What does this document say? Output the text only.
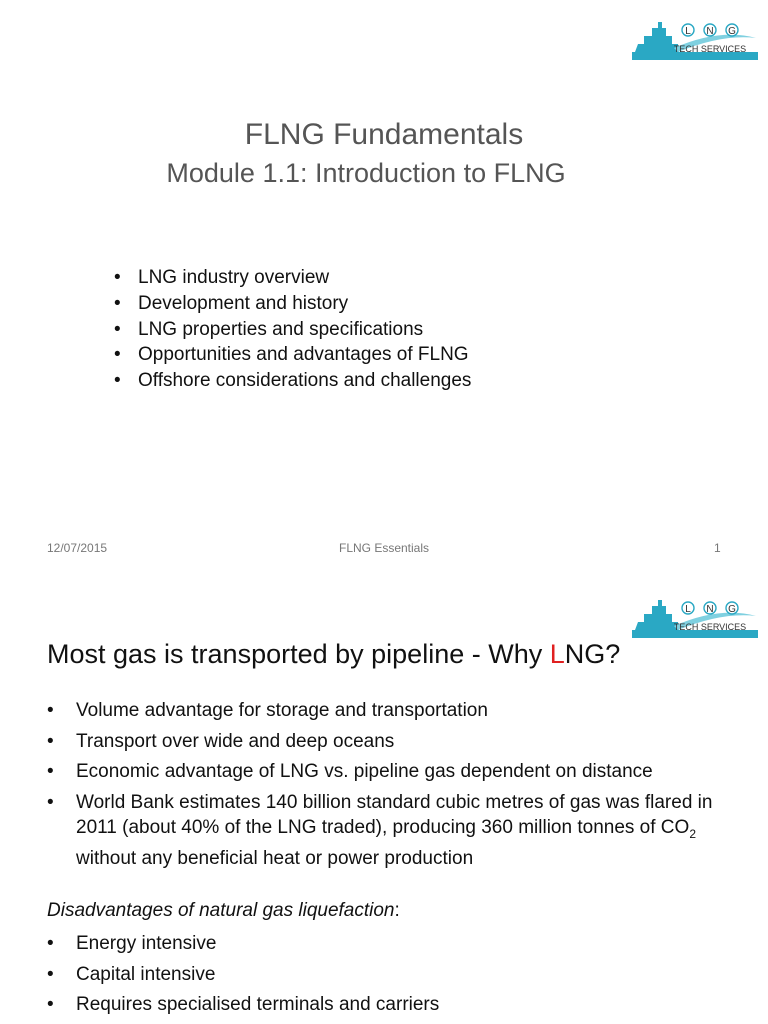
L N G
TECH SERVICES
FLNG Fundamentals
Module 1.1: Introduction to FLNG
• LNG industry overview
• Development and history
• LNG properties and specifications
• Opportunities and advantages of FLNG
• Offshore considerations and challenges
12/07/2015	FLNG Essentials	1
L N G
TECH SERVICES
Most gas is transported by pipeline - Why LNG?
• Volume advantage for storage and transportation
• Transport over wide and deep oceans
• Economic advantage of LNG vs. pipeline gas dependent on distance
• World Bank estimates 140 billion standard cubic metres of gas was flared in 2011 (about 40% of the LNG traded), producing 360 million tonnes of $CO_2$ without any beneficial heat or power production

Disadvantages of natural gas liquefaction:

• Energy intensive
• Capital intensive
• Requires specialised terminals and carriers
